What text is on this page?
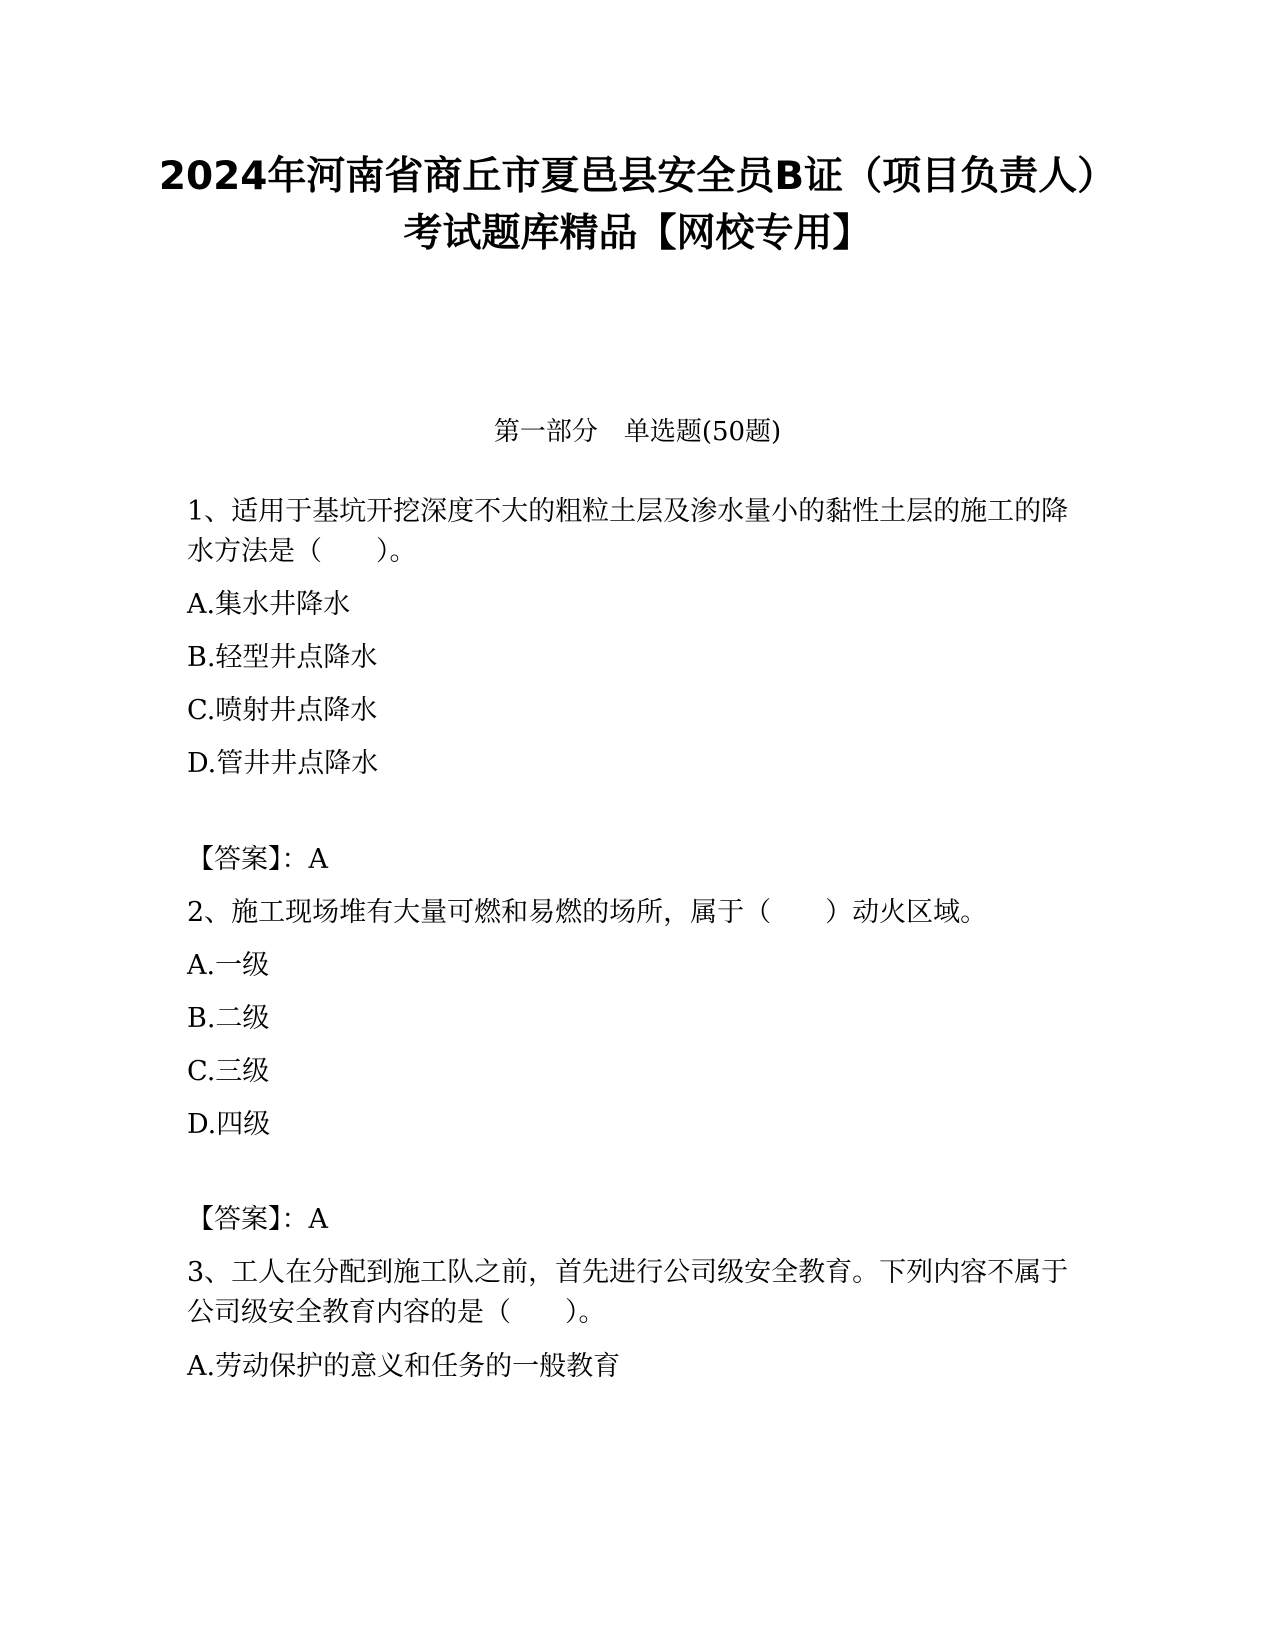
2024年河南省商丘市夏邑县安全员B证（项目负责人）考试题库精品【网校专用】
第一部分　单选题(50题)
1、适用于基坑开挖深度不大的粗粒土层及渗水量小的黏性土层的施工的降水方法是（　　）。
A.集水井降水
B.轻型井点降水
C.喷射井点降水
D.管井井点降水
【答案】：A
2、施工现场堆有大量可燃和易燃的场所，属于（　　）动火区域。
A.一级
B.二级
C.三级
D.四级
【答案】：A
3、工人在分配到施工队之前，首先进行公司级安全教育。下列内容不属于公司级安全教育内容的是（　　）。
A.劳动保护的意义和任务的一般教育
